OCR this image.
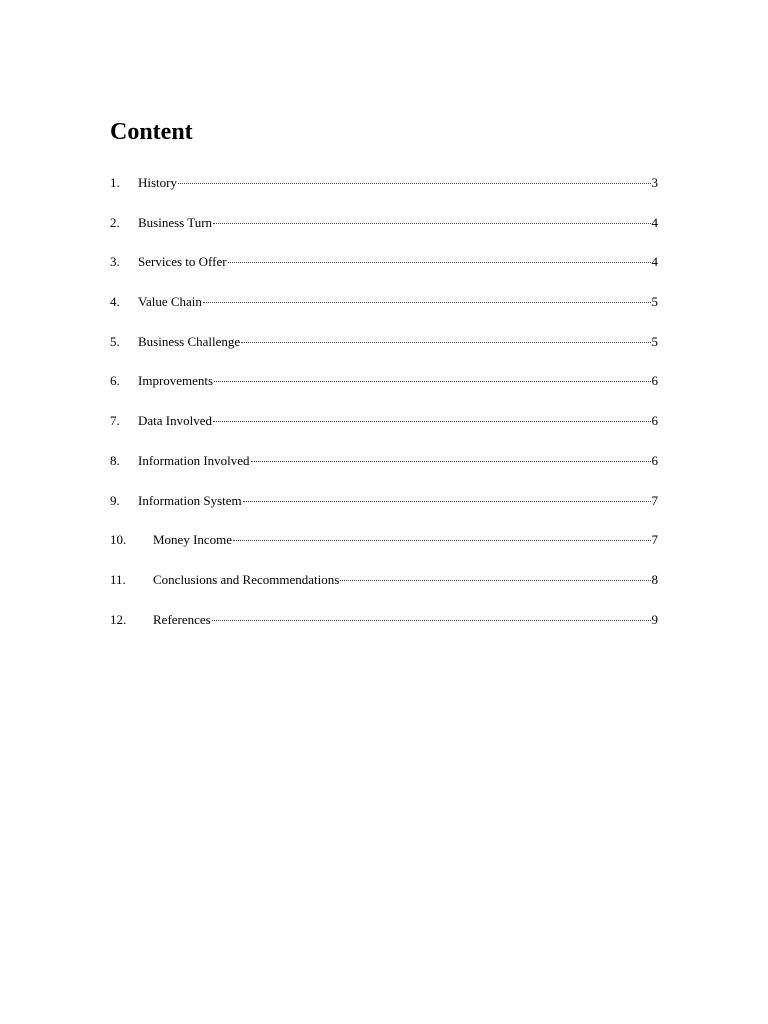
Content
1.	History	3
2.	Business Turn	4
3.	Services to Offer	4
4.	Value Chain	5
5.	Business Challenge	5
6.	Improvements	6
7.	Data Involved	6
8.	Information Involved	6
9.	Information System	7
10.	Money Income	7
11.	Conclusions and Recommendations	8
12.	References	9
